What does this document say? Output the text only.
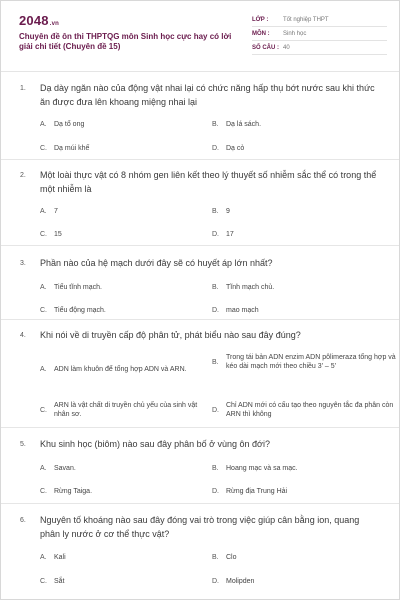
2048.vn
Chuyên đề ôn thi THPTQG môn Sinh học cực hay có lời giải chi tiết (Chuyên đề 15)
LỚP :	Tốt nghiệp THPT
MÔN :	Sinh học
SỐ CÂU : 40
1.	Dạ dày ngăn nào của động vật nhai lại có chức năng hấp thụ bớt nước sau khi thức ăn được đưa lên khoang miệng nhai lại
A.	Dạ tổ ong	B.	Dạ lá sách.
C.	Dạ múi khế	D.	Dạ cỏ
2.	Một loài thực vật có 8 nhóm gen liên kết theo lý thuyết số nhiễm sắc thể có trong thể một nhiễm là
A.	7	B.	9
C.	15	D.	17
3.	Phần nào của hệ mạch dưới đây sẽ có huyết áp lớn nhất?
A.	Tiểu tĩnh mạch.	B.	Tĩnh mạch chủ.
C.	Tiểu động mạch.	D.	mao mạch
4.	Khi nói về di truyền cấp độ phân tử, phát biểu nào sau đây đúng?
A.	ADN làm khuôn để tổng hợp ADN và ARN.
B.
Trong tái bản ADN enzim ADN pôlimeraza tổng hợp và kéo dài mạch mới theo chiều 3' – 5'
C.
ARN là vật chất di truyền chủ yếu của sinh vật nhân sơ.
D.
Chỉ ADN mới có cấu tạo theo nguyên tắc đa phân còn ARN thì không
5.	Khu sinh học (biôm) nào sau đây phân bố ở vùng ôn đới?
A.	Savan.	B.	Hoang mạc và sa mạc.
C.	Rừng Taiga.	D.	Rừng địa Trung Hải
6.	Nguyên tố khoáng nào sau đây đóng vai trò trong việc giúp cân bằng ion, quang phân ly nước ở cơ thể thực vật?
A.	Kali	B.	Clo
C.	Sắt	D.	Molipden
